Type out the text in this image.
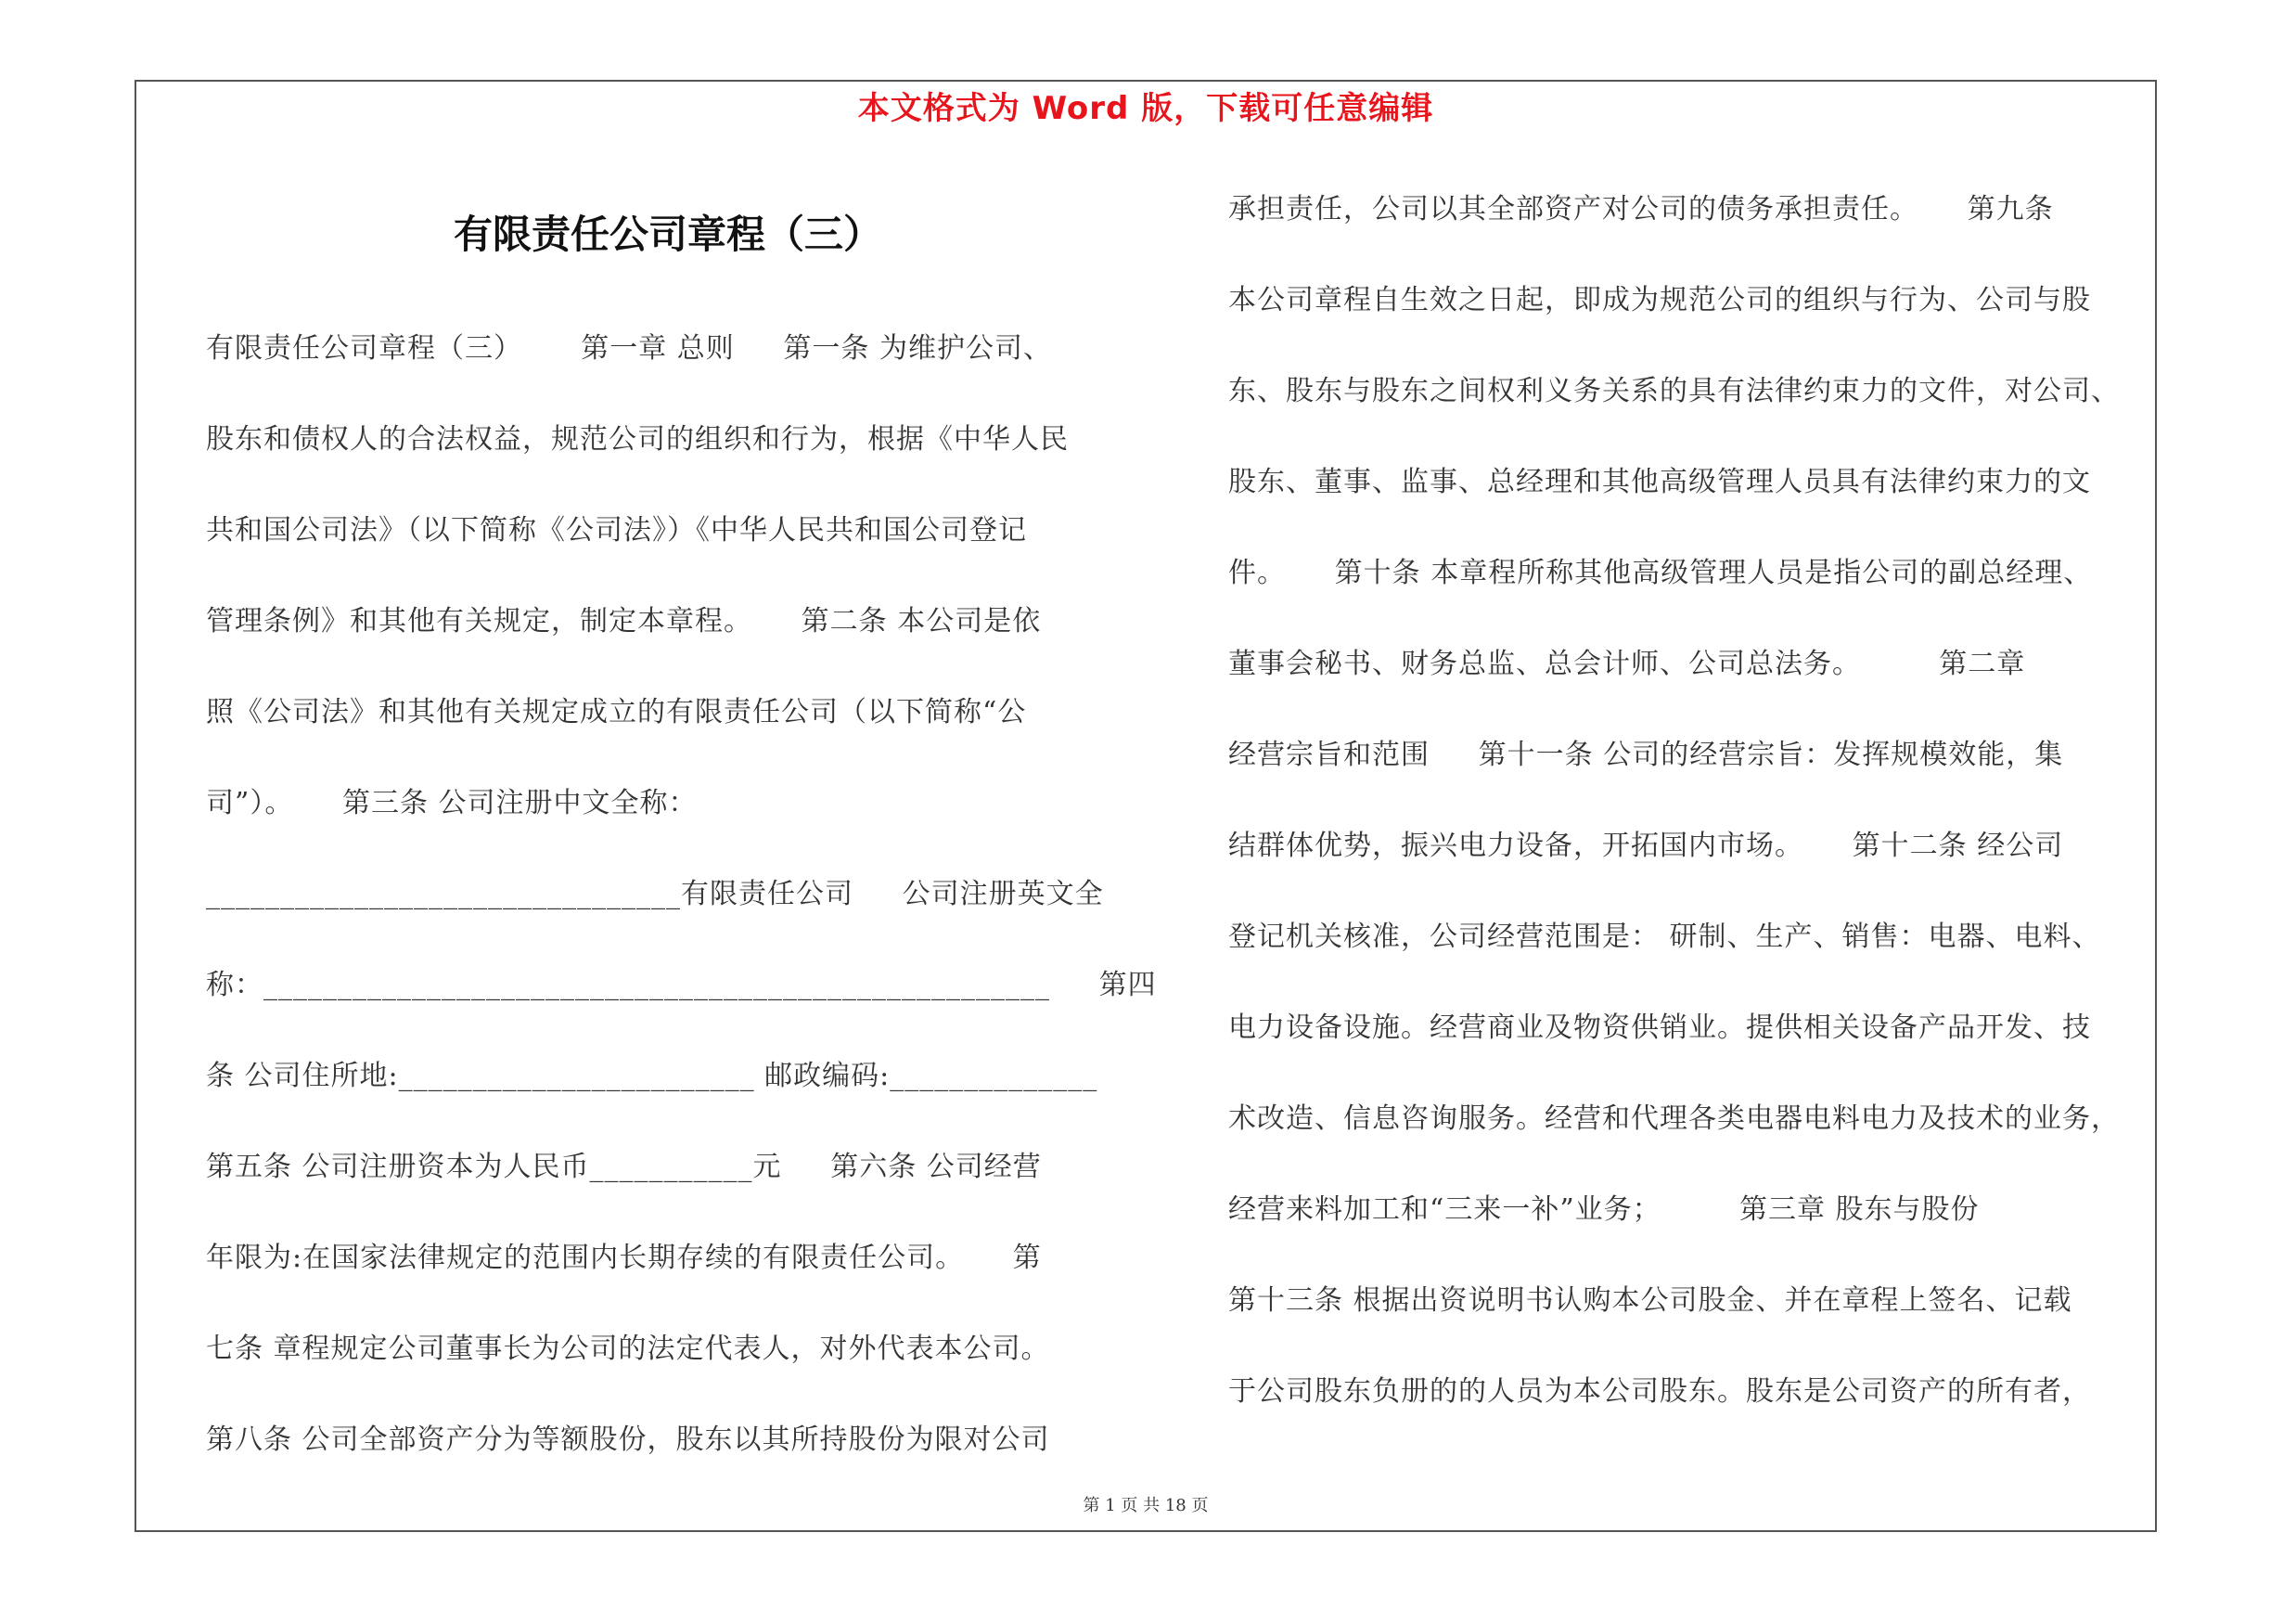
本文格式为 Word 版，下载可任意编辑
有限责任公司章程（三）
有限责任公司章程（三）      第一章 总则     第一条 为维护公司、
股东和债权人的合法权益，规范公司的组织和行为，根据《中华人民
共和国公司法》（以下简称《公司法》）《中华人民共和国公司登记
管理条例》和其他有关规定，制定本章程。     第二条 本公司是依
照《公司法》和其他有关规定成立的有限责任公司（以下简称“公
司”）。     第三条 公司注册中文全称：
________________________________有限责任公司     公司注册英文全
称：_____________________________________________________     第四
条 公司住所地:________________________ 邮政编码:______________
第五条 公司注册资本为人民币___________元     第六条 公司经营
年限为:在国家法律规定的范围内长期存续的有限责任公司。     第
七条 章程规定公司董事长为公司的法定代表人，对外代表本公司。
第八条 公司全部资产分为等额股份，股东以其所持股份为限对公司
承担责任，公司以其全部资产对公司的债务承担责任。     第九条
本公司章程自生效之日起，即成为规范公司的组织与行为、公司与股
东、股东与股东之间权利义务关系的具有法律约束力的文件，对公司、
股东、董事、监事、总经理和其他高级管理人员具有法律约束力的文
件。     第十条 本章程所称其他高级管理人员是指公司的副总经理、
董事会秘书、财务总监、总会计师、公司总法务。        第二章
经营宗旨和范围     第十一条 公司的经营宗旨：发挥规模效能，集
结群体优势，振兴电力设备，开拓国内市场。     第十二条 经公司
登记机关核准，公司经营范围是： 研制、生产、销售：电器、电料、
电力设备设施。经营商业及物资供销业。提供相关设备产品开发、技
术改造、信息咨询服务。经营和代理各类电器电料电力及技术的业务，
经营来料加工和“三来一补”业务；        第三章 股东与股份
第十三条 根据出资说明书认购本公司股金、并在章程上签名、记载
于公司股东负册的的人员为本公司股东。股东是公司资产的所有者，
第 1 页 共 18 页
